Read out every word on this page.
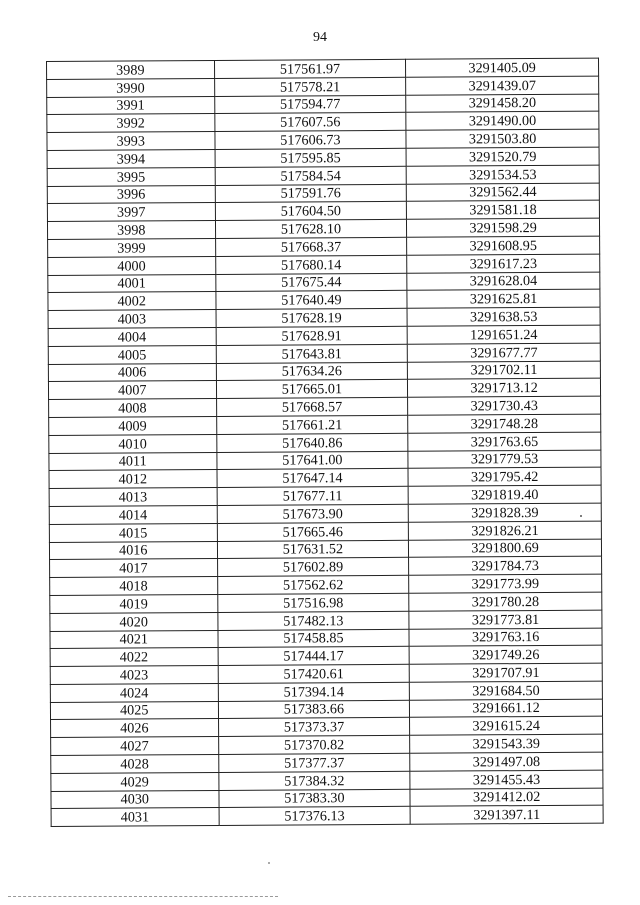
94
3989	517561.97	3291405.09
3990	517578.21	3291439.07
3991	517594.77	3291458.20
3992	517607.56	3291490.00
3993	517606.73	3291503.80
3994	517595.85	3291520.79
3995	517584.54	3291534.53
3996	517591.76	3291562.44
3997	517604.50	3291581.18
3998	517628.10	3291598.29
3999	517668.37	3291608.95
4000	517680.14	3291617.23
4001	517675.44	3291628.04
4002	517640.49	3291625.81
4003	517628.19	3291638.53
4004	517628.91	1291651.24
4005	517643.81	3291677.77
4006	517634.26	3291702.11
4007	517665.01	3291713.12
4008	517668.57	3291730.43
4009	517661.21	3291748.28
4010	517640.86	3291763.65
4011	517641.00	3291779.53
4012	517647.14	3291795.42
4013	517677.11	3291819.40
4014	517673.90	3291828.39
4015	517665.46	3291826.21
4016	517631.52	3291800.69
4017	517602.89	3291784.73
4018	517562.62	3291773.99
4019	517516.98	3291780.28
4020	517482.13	3291773.81
4021	517458.85	3291763.16
4022	517444.17	3291749.26
4023	517420.61	3291707.91
4024	517394.14	3291684.50
4025	517383.66	3291661.12
4026	517373.37	3291615.24
4027	517370.82	3291543.39
4028	517377.37	3291497.08
4029	517384.32	3291455.43
4030	517383.30	3291412.02
4031	517376.13	3291397.11
